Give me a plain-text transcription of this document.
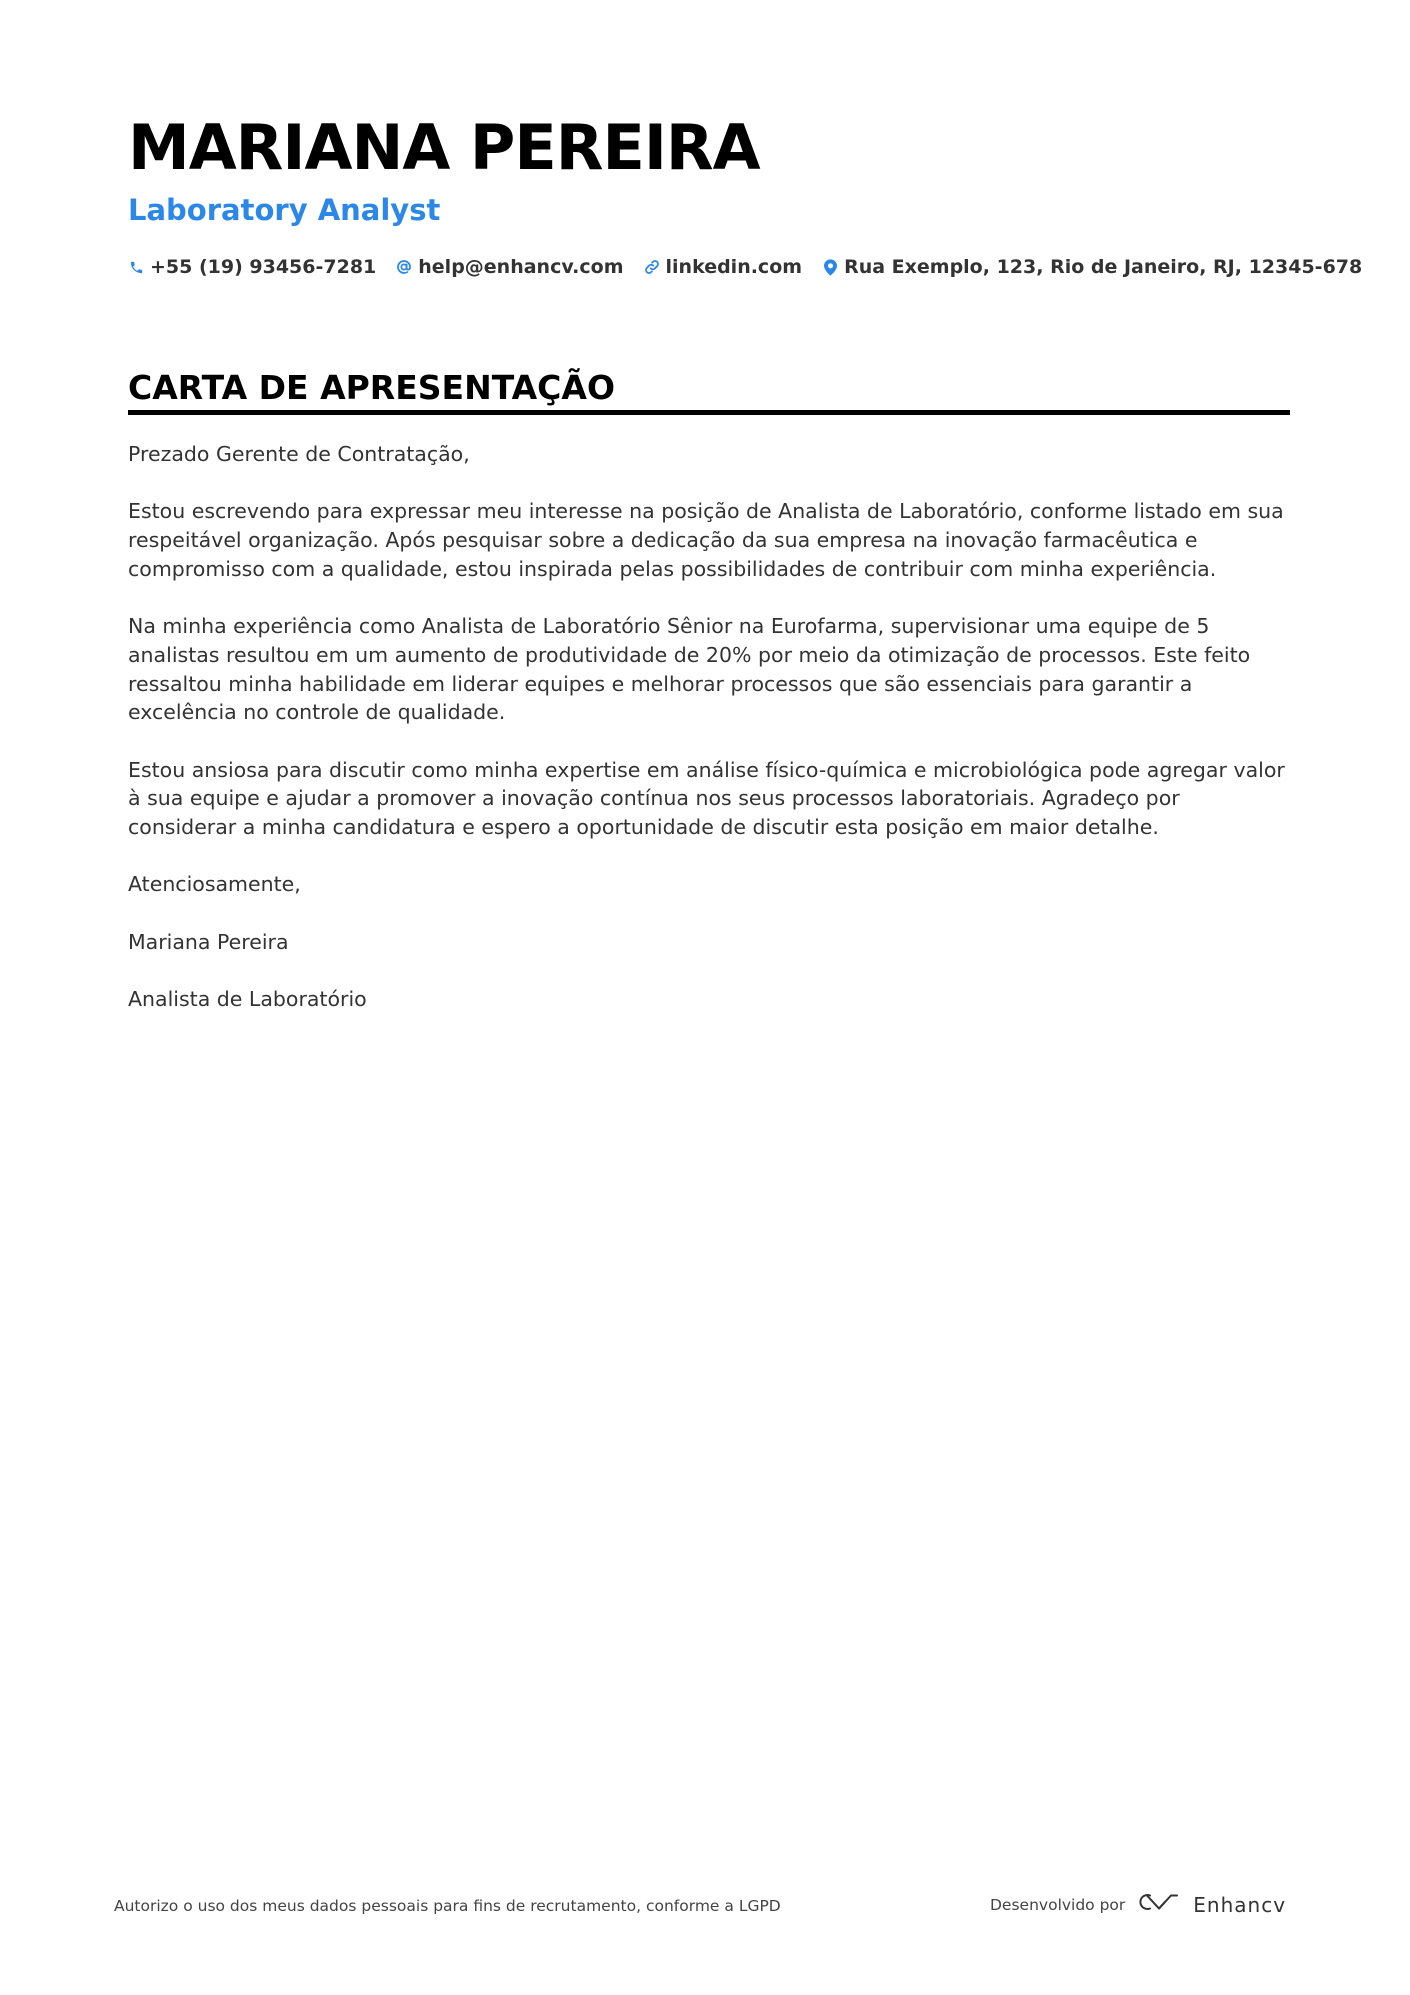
MARIANA PEREIRA
Laboratory Analyst
+55 (19) 93456-7281 help@enhancv.com linkedin.com Rua Exemplo, 123, Rio de Janeiro, RJ, 12345-678
CARTA DE APRESENTAÇÃO

Prezado Gerente de Contratação,

Estou escrevendo para expressar meu interesse na posição de Analista de Laboratório, conforme listado em sua respeitável organização. Após pesquisar sobre a dedicação da sua empresa na inovação farmacêutica e compromisso com a qualidade, estou inspirada pelas possibilidades de contribuir com minha experiência.

Na minha experiência como Analista de Laboratório Sênior na Eurofarma, supervisionar uma equipe de 5 analistas resultou em um aumento de produtividade de 20% por meio da otimização de processos. Este feito ressaltou minha habilidade em liderar equipes e melhorar processos que são essenciais para garantir a excelência no controle de qualidade.

Estou ansiosa para discutir como minha expertise em análise físico-química e microbiológica pode agregar valor à sua equipe e ajudar a promover a inovação contínua nos seus processos laboratoriais. Agradeço por considerar a minha candidatura e espero a oportunidade de discutir esta posição em maior detalhe.

Atenciosamente,

Mariana Pereira

Analista de Laboratório

Autorizo o uso dos meus dados pessoais para fins de recrutamento, conforme a LGPD	Desenvolvido por	Enhancv
